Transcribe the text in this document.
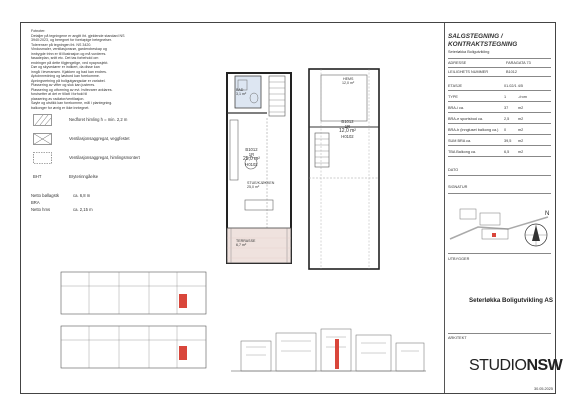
Fotnoter:
Detaljer på tegningene er angitt iht. gjeldende standard NS
3940:2023, og beregnet for foreløpige betegnelser.
Tolerenser på tegningen iht. NS 3420.
Vindusmaler, ventilasjonsrør, garderobeskap og
innbygde trinn er til illustrasjon og må vurderes.
fasadeplan, snitt etc. Det tas forbehold om
endringer på dette tilgjengelige, ved nyaprosjekt.
Dør og skyvedører er indikert, da disse kan
inngå i leveransen. Kjøkken og bad kan endres.
Aptoinnredning og løsbord kan forekomme.
Apningsretning på boligutgangsdør er variabel.
Plassering av vifter og sluk kan justeres.
Plassering og utforming av evt. hvitevarer avklares.
forutsetter at det er tillatt i forhold til
plassering av radiator/ventilasjon.
Søyle og utstikk kan forekomme, mål i plantegning.
balkonger for øvrig er ikke inntegnet.
Nedforet himling h = min. 2,2 m
Ventilasjonsaggregat, veggfestet
Ventilasjonsaggregat, himlingsmontert
BHT	Bryterinngåelse
Netto bøllagstk	ca. 6,8 m
BRA
Netto hms	ca. 2,15 m
BAD
3,1 m²
B1012
1R
25,0 m²
H0102
STUE/KJØKKEN
25,0 m²
TERRASSE
6,7 m²
HEMS
12,0 m²
B1012
1R
12,0 m²
H0102
SALGSTEGNING /
KONTRAKTSTEGNING
Seterløkka Boligutvikling
ADRESSE	FARAGATA 73
LEILIGHETS NUMMER	B1012
ETASJE	01.02/1 4/5
TYPE	1	-/rom
BRA-i ca.	37	m2
BRA-e sportsbod ca.	2,5 m2
BRA-b (inngluset balkong ca.) 0	m2
SUM BRA ca.	39,5 m2
TBA Balkong ca.	6,5 m2
DATO
SIGNATUR
N
UTBYGGER
Seterløkka Boligutvikling AS
ARKITEKT
STUDIONSW
30.05.2025
